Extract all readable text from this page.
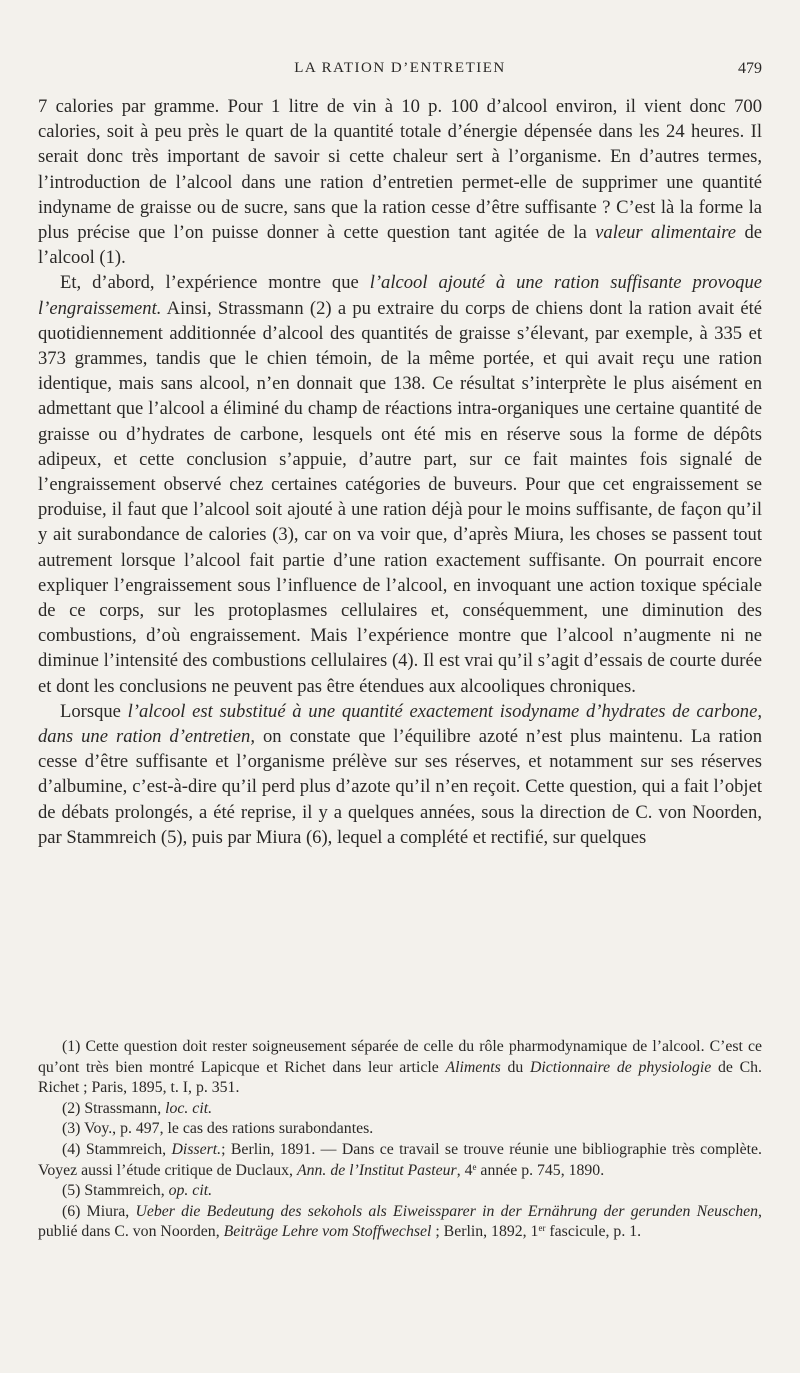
LA RATION D’ENTRETIEN	479

7 calories par gramme. Pour 1 litre de vin à 10 p. 100 d’alcool environ, il vient donc 700 calories, soit à peu près le quart de la quantité totale d’énergie dépensée dans les 24 heures. Il serait donc très important de savoir si cette chaleur sert à l’organisme. En d’autres termes, l’introduction de l’alcool dans une ration d’entretien permet-elle de supprimer une quantité indyname de graisse ou de sucre, sans que la ration cesse d’être suffisante ? C’est là la forme la plus précise que l’on puisse donner à cette question tant agitée de la valeur alimentaire de l’alcool (1).

Et, d’abord, l’expérience montre que l’alcool ajouté à une ration suffisante provoque l’engraissement. Ainsi, Strassmann (2) a pu extraire du corps de chiens dont la ration avait été quotidiennement additionnée d’alcool des quantités de graisse s’élevant, par exemple, à 335 et 373 grammes, tandis que le chien témoin, de la même portée, et qui avait reçu une ration identique, mais sans alcool, n’en donnait que 138. Ce résultat s’interprète le plus aisément en admettant que l’alcool a éliminé du champ de réactions intra-organiques une certaine quantité de graisse ou d’hydrates de carbone, lesquels ont été mis en réserve sous la forme de dépôts adipeux, et cette conclusion s’appuie, d’autre part, sur ce fait maintes fois signalé de l’engraissement observé chez certaines catégories de buveurs. Pour que cet engraissement se produise, il faut que l’alcool soit ajouté à une ration déjà pour le moins suffisante, de façon qu’il y ait surabondance de calories (3), car on va voir que, d’après Miura, les choses se passent tout autrement lorsque l’alcool fait partie d’une ration exactement suffisante. On pourrait encore expliquer l’engraissement sous l’influence de l’alcool, en invoquant une action toxique spéciale de ce corps, sur les protoplasmes cellulaires et, conséquemment, une diminution des combustions, d’où engraissement. Mais l’expérience montre que l’alcool n’augmente ni ne diminue l’intensité des combustions cellulaires (4). Il est vrai qu’il s’agit d’essais de courte durée et dont les conclusions ne peuvent pas être étendues aux alcooliques chroniques.

Lorsque l’alcool est substitué à une quantité exactement isodyname d’hydrates de carbone, dans une ration d’entretien, on constate que l’équilibre azoté n’est plus maintenu. La ration cesse d’être suffisante et l’organisme prélève sur ses réserves, et notamment sur ses réserves d’albumine, c’est-à-dire qu’il perd plus d’azote qu’il n’en reçoit. Cette question, qui a fait l’objet de débats prolongés, a été reprise, il y a quelques années, sous la direction de C. von Noorden, par Stammreich (5), puis par Miura (6), lequel a complété et rectifié, sur quelques

(1) Cette question doit rester soigneusement séparée de celle du rôle pharmodynamique de l’alcool. C’est ce qu’ont très bien montré Lapicque et Richet dans leur article Aliments du Dictionnaire de physiologie de Ch. Richet ; Paris, 1895, t. I, p. 351.

(2) Strassmann, loc. cit.

(3) Voy., p. 497, le cas des rations surabondantes.

(4) Stammreich, Dissert.; Berlin, 1891. — Dans ce travail se trouve réunie une bibliographie très complète. Voyez aussi l’étude critique de Duclaux, Ann. de l’Institut Pasteur, 4e année p. 745, 1890.

(5) Stammreich, op. cit.

(6) Miura, Ueber die Bedeutung des sekohols als Eiweissparer in der Ernährung der gerunden Neuschen, publié dans C. von Noorden, Beiträge Lehre vom Stoffwechsel ; Berlin, 1892, 1er fascicule, p. 1.
